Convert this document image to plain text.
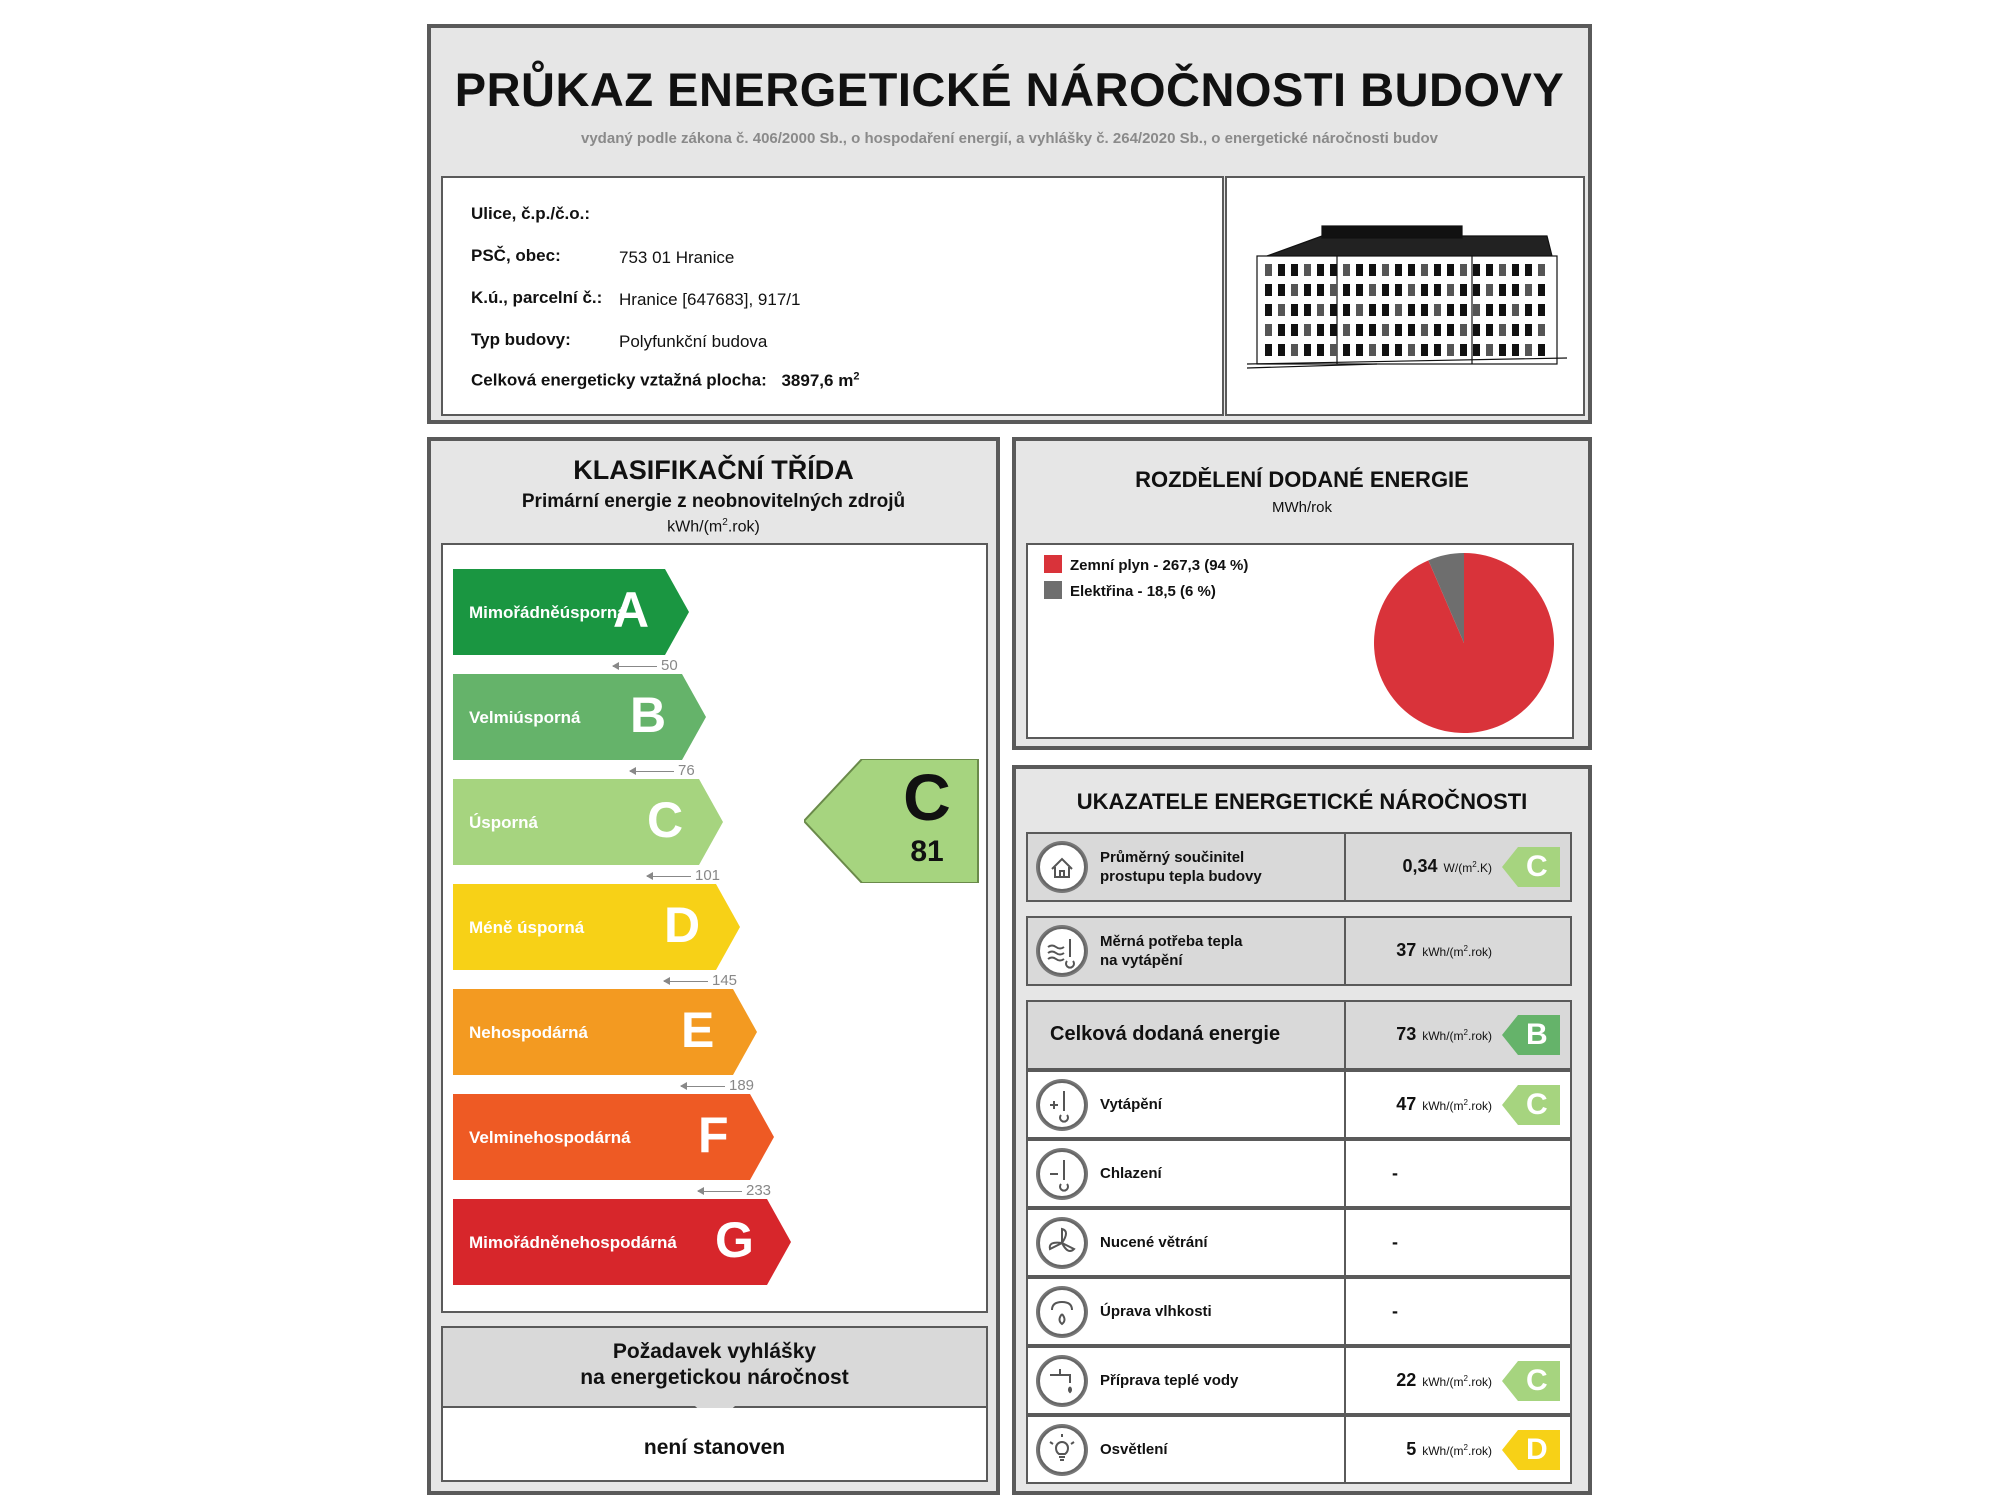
PRŮKAZ ENERGETICKÉ NÁROČNOSTI BUDOVY
vydaný podle zákona č. 406/2000 Sb., o hospodaření energií, a vyhlášky č. 264/2020 Sb., o energetické náročnosti budov
Ulice, č.p./č.o.:
PSČ, obec:	753 01 Hranice
K.ú., parcelní č.: Hranice [647683], 917/1
Typ budovy:	Polyfunkční budova
Celková energeticky vztažná plocha: 3897,6 $m^2$
KLASIFIKAČNÍ TŘÍDA
Primární energie z neobnovitelných zdrojů
kWh/$(m^2.rok)$
Mimořádně úsporná
A
Velmi úsporná B
Úsporná C
Méně úsporná D
Nehospodárná E
Velmi nehospodárná F
Mimořádně nehospodárná G
50
76
101
145
189
233
C
81
Požadavek vyhlášky
na energetickou náročnost
není stanoven
ROZDĚLENÍ DODANÉ ENERGIE
MWh/rok
Zemní plyn - 267,3 (94 %)
Elektřina - 18,5 (6 %)
UKAZATELE ENERGETICKÉ NÁROČNOSTI
Průměrný součinitel
prostupu tepla budovy
0,34 $W/(m^2.K)$ C
Měrná potřeba tepla
na vytápění
37 kWh/$(m^2.rok)$
Celková dodaná energie	73 kWh/$(m^2.rok)$ B
Vytápění	47 kWh/$(m^2.rok)$ C
Chlazení	-
Nucené větrání	-
Úprava vlhkosti	-
Příprava teplé vody	22 kWh/$(m^2.rok)$ C
Osvětlení	5 kWh/$(m^2.rok)$ D
